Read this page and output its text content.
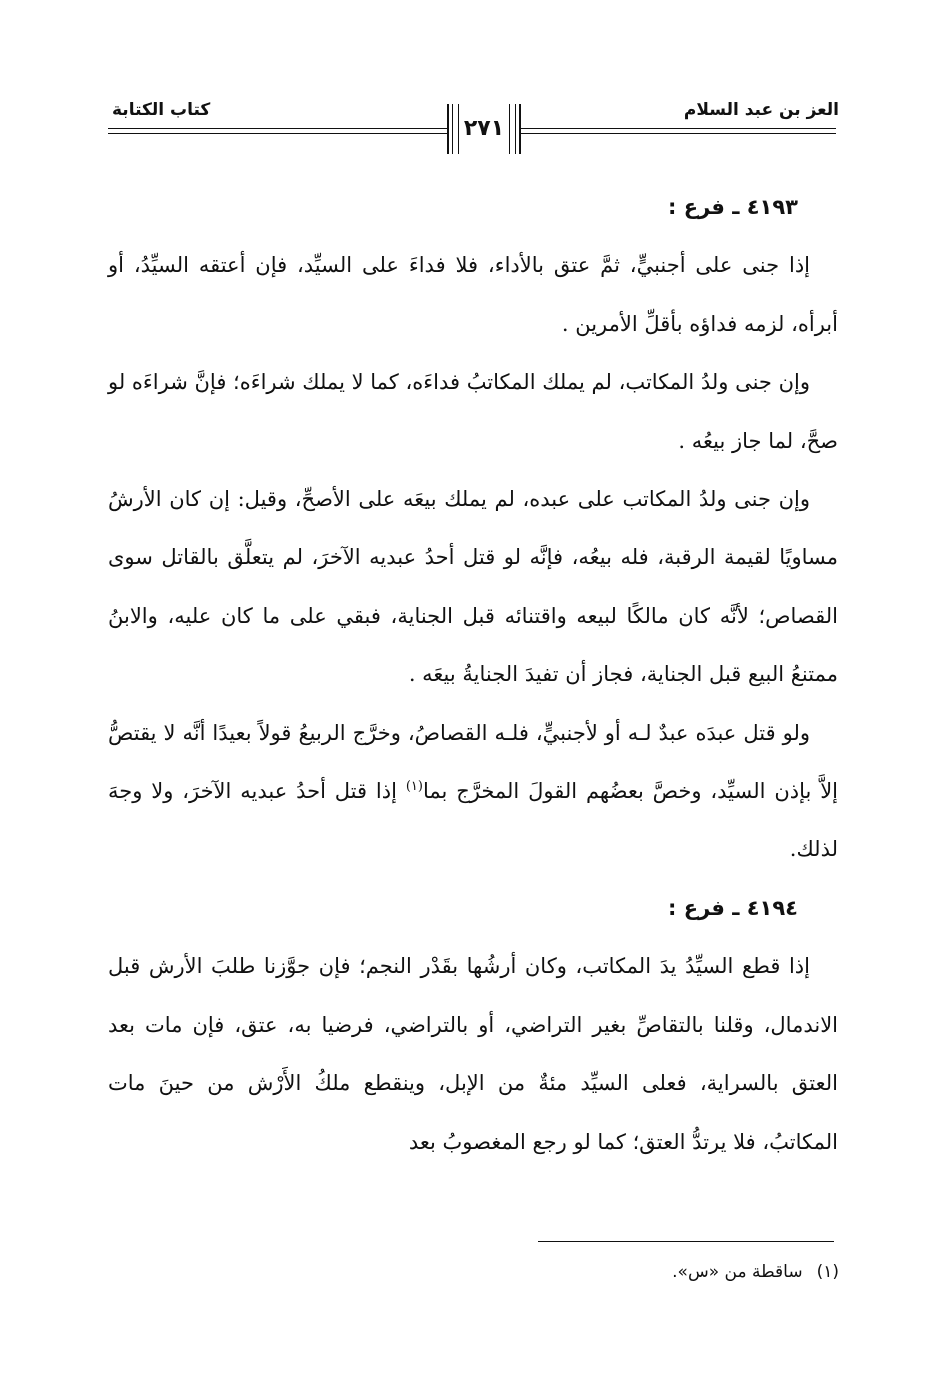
العز بن عبد السلام
كتاب الكتابة
٢٧١
٤١٩٣ ـ فرع :

إذا جنى على أجنبيٍّ، ثمَّ عتق بالأداء، فلا فداءَ على السيِّد، فإن أعتقه السيِّدُ، أو أبرأه، لزمه فداؤه بأقلِّ الأمرين .

وإن جنى ولدُ المكاتب، لم يملك المكاتبُ فداءَه، كما لا يملك شراءَه؛ فإنَّ شراءَه لو صحَّ، لما جاز بيعُه .

وإن جنى ولدُ المكاتب على عبده، لم يملك بيعَه على الأصحِّ، وقيل: إن كان الأرشُ مساويًا لقيمة الرقبة، فله بيعُه، فإنَّه لو قتل أحدُ عبديه الآخرَ، لم يتعلَّق بالقاتل سوى القصاص؛ لأنَّه كان مالكًا لبيعه واقتنائه قبل الجناية، فبقي على ما كان عليه، والابنُ ممتنعُ البيع قبل الجناية، فجاز أن تفيدَ الجنايةُ بيعَه .

ولو قتل عبدَه عبدٌ لـه أو لأجنبيٍّ، فلـه القصاصُ، وخرَّج الربيعُ قولاً بعيدًا أنَّه لا يقتصُّ إلاَّ بإذن السيِّد، وخصَّ بعضُهم القولَ المخرَّج بما$^{(١)}$ إذا قتل أحدُ عبديه الآخرَ، ولا وجهَ لذلك.

٤١٩٤ ـ فرع :

إذا قطع السيِّدُ يدَ المكاتب، وكان أرشُها بقَدْر النجم؛ فإن جوَّزنا طلبَ الأرش قبل الاندمال، وقلنا بالتقاصِّ بغير التراضي، أو بالتراضي، فرضيا به، عتق، فإن مات بعد العتق بالسراية، فعلى السيِّد مئةٌ من الإبل، وينقطع ملكُ الأَرْش من حينَ مات المكاتبُ، فلا يرتدُّ العتق؛ كما لو رجع المغصوبُ بعد

(١)ساقطة من «س».
